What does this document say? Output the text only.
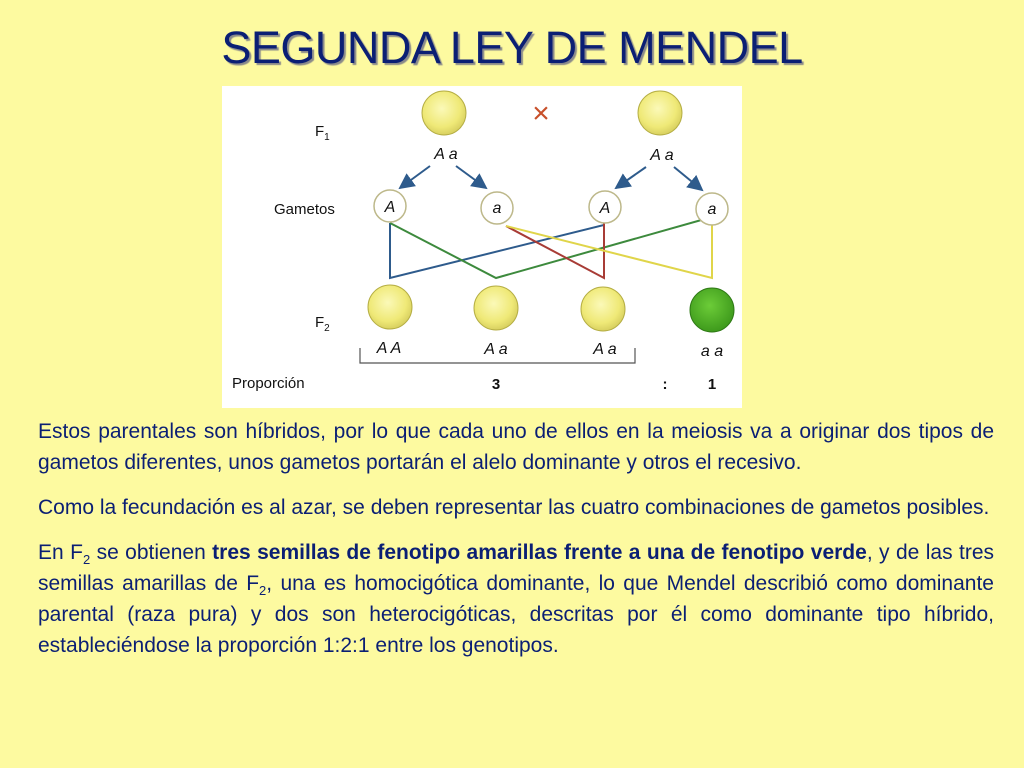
SEGUNDA LEY DE MENDEL
$F_1$
Gametos
$F_2$
Proporción
×
A a	A a
A	a	A	a
A A	A a	A a	a a
3	:	1

Estos parentales son híbridos, por lo que cada uno de ellos en la meiosis va a originar dos tipos de gametos diferentes, unos gametos portarán el alelo dominante y otros el recesivo.

Como la fecundación es al azar, se deben representar las cuatro combinaciones de gametos posibles.

En $F_2$ se obtienen tres semillas de fenotipo amarillas frente a una de fenotipo verde, y de las tres semillas amarillas de $F_2$, una es homocigótica dominante, lo que Mendel describió como dominante parental (raza pura) y dos son heterocigóticas, descritas por él como dominante tipo híbrido, estableciéndose la proporción 1:2:1 entre los genotipos.
